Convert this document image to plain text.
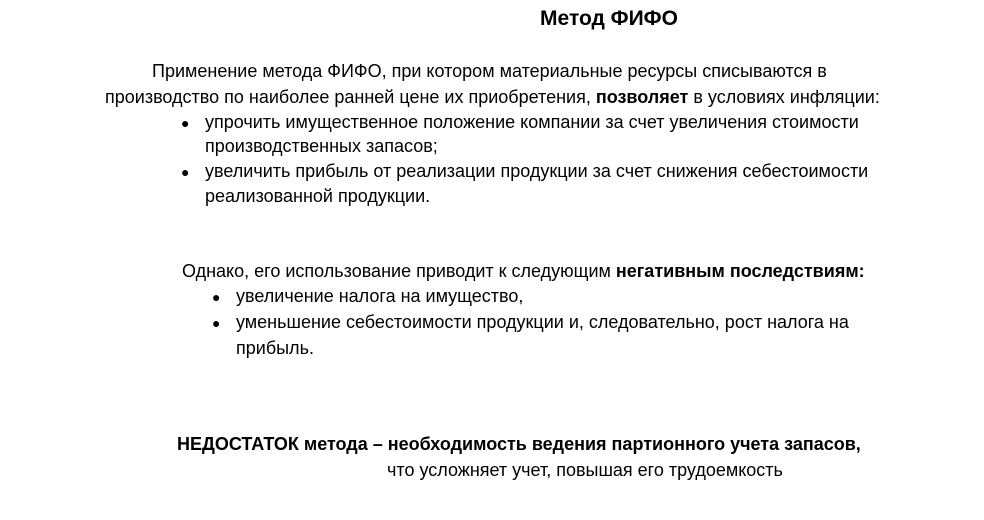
Метод ФИФО
Применение метода ФИФО, при котором материальные ресурсы списываются в
производство по наиболее ранней цене их приобретения, позволяет в условиях инфляции:
● упрочить имущественное положение компании за счет увеличения стоимости
производственных запасов;
● увеличить прибыль от реализации продукции за счет снижения себестоимости
реализованной продукции.
Однако, его использование приводит к следующим негативным последствиям:
● увеличение налога на имущество,
● уменьшение себестоимости продукции и, следовательно, рост налога на
прибыль.
НЕДОСТАТОК метода – необходимость ведения партионного учета запасов,
что усложняет учет, повышая его трудоемкость
